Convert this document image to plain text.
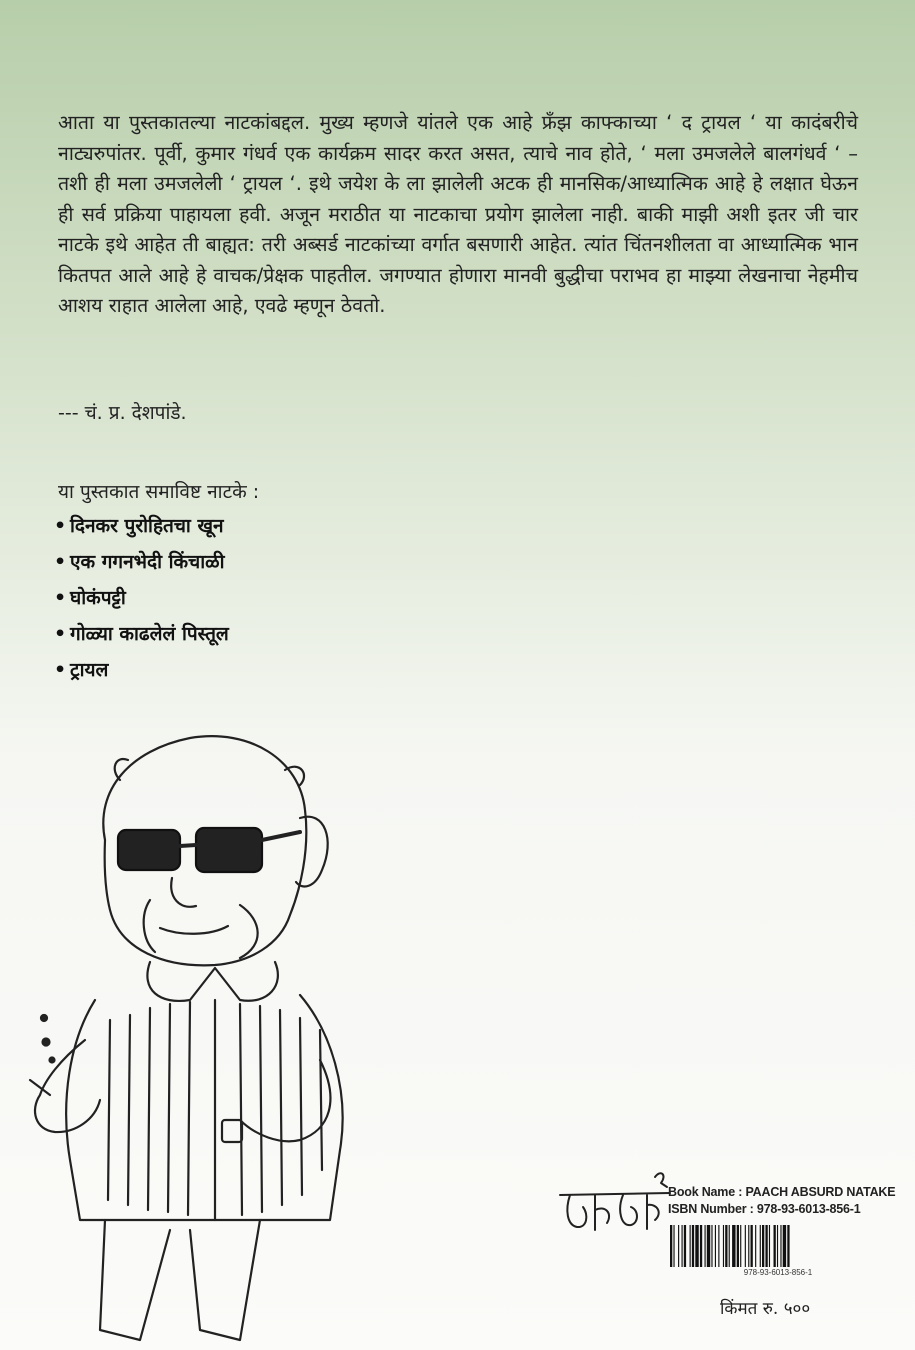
आता या पुस्तकातल्या नाटकांबद्दल. मुख्य म्हणजे यांतले एक आहे फ्रँझ काफ्काच्या ‘ द ट्रायल ‘ या कादंबरीचे नाट्यरुपांतर. पूर्वी, कुमार गंधर्व एक कार्यक्रम सादर करत असत, त्याचे नाव होते, ‘ मला उमजलेले बालगंधर्व ‘ – तशी ही मला उमजलेली ‘ ट्रायल ‘. इथे जयेश के ला झालेली अटक ही मानसिक/आध्यात्मिक आहे हे लक्षात घेऊन ही सर्व प्रक्रिया पाहायला हवी. अजून मराठीत या नाटकाचा प्रयोग झालेला नाही. बाकी माझी अशी इतर जी चार नाटके इथे आहेत ती बाह्यत: तरी अब्सर्ड नाटकांच्या वर्गात बसणारी आहेत. त्यांत चिंतनशीलता वा आध्यात्मिक भान कितपत आले आहे हे वाचक/प्रेक्षक पाहतील. जगण्यात होणारा मानवी बुद्धीचा पराभव हा माझ्या लेखनाचा नेहमीच आशय राहात आलेला आहे, एवढे म्हणून ठेवतो.

--- चं. प्र. देशपांडे.
या पुस्तकात समाविष्ट नाटके :
• दिनकर पुरोहितचा खून
• एक गगनभेदी किंचाळी
• घोकंपट्टी
• गोळ्या काढलेलं पिस्तूल
• ट्रायल
Book Name : PAACH ABSURD NATAKE
ISBN Number : 978-93-6013-856-1
978-93-6013-856-1
किंमत रु. ५००
